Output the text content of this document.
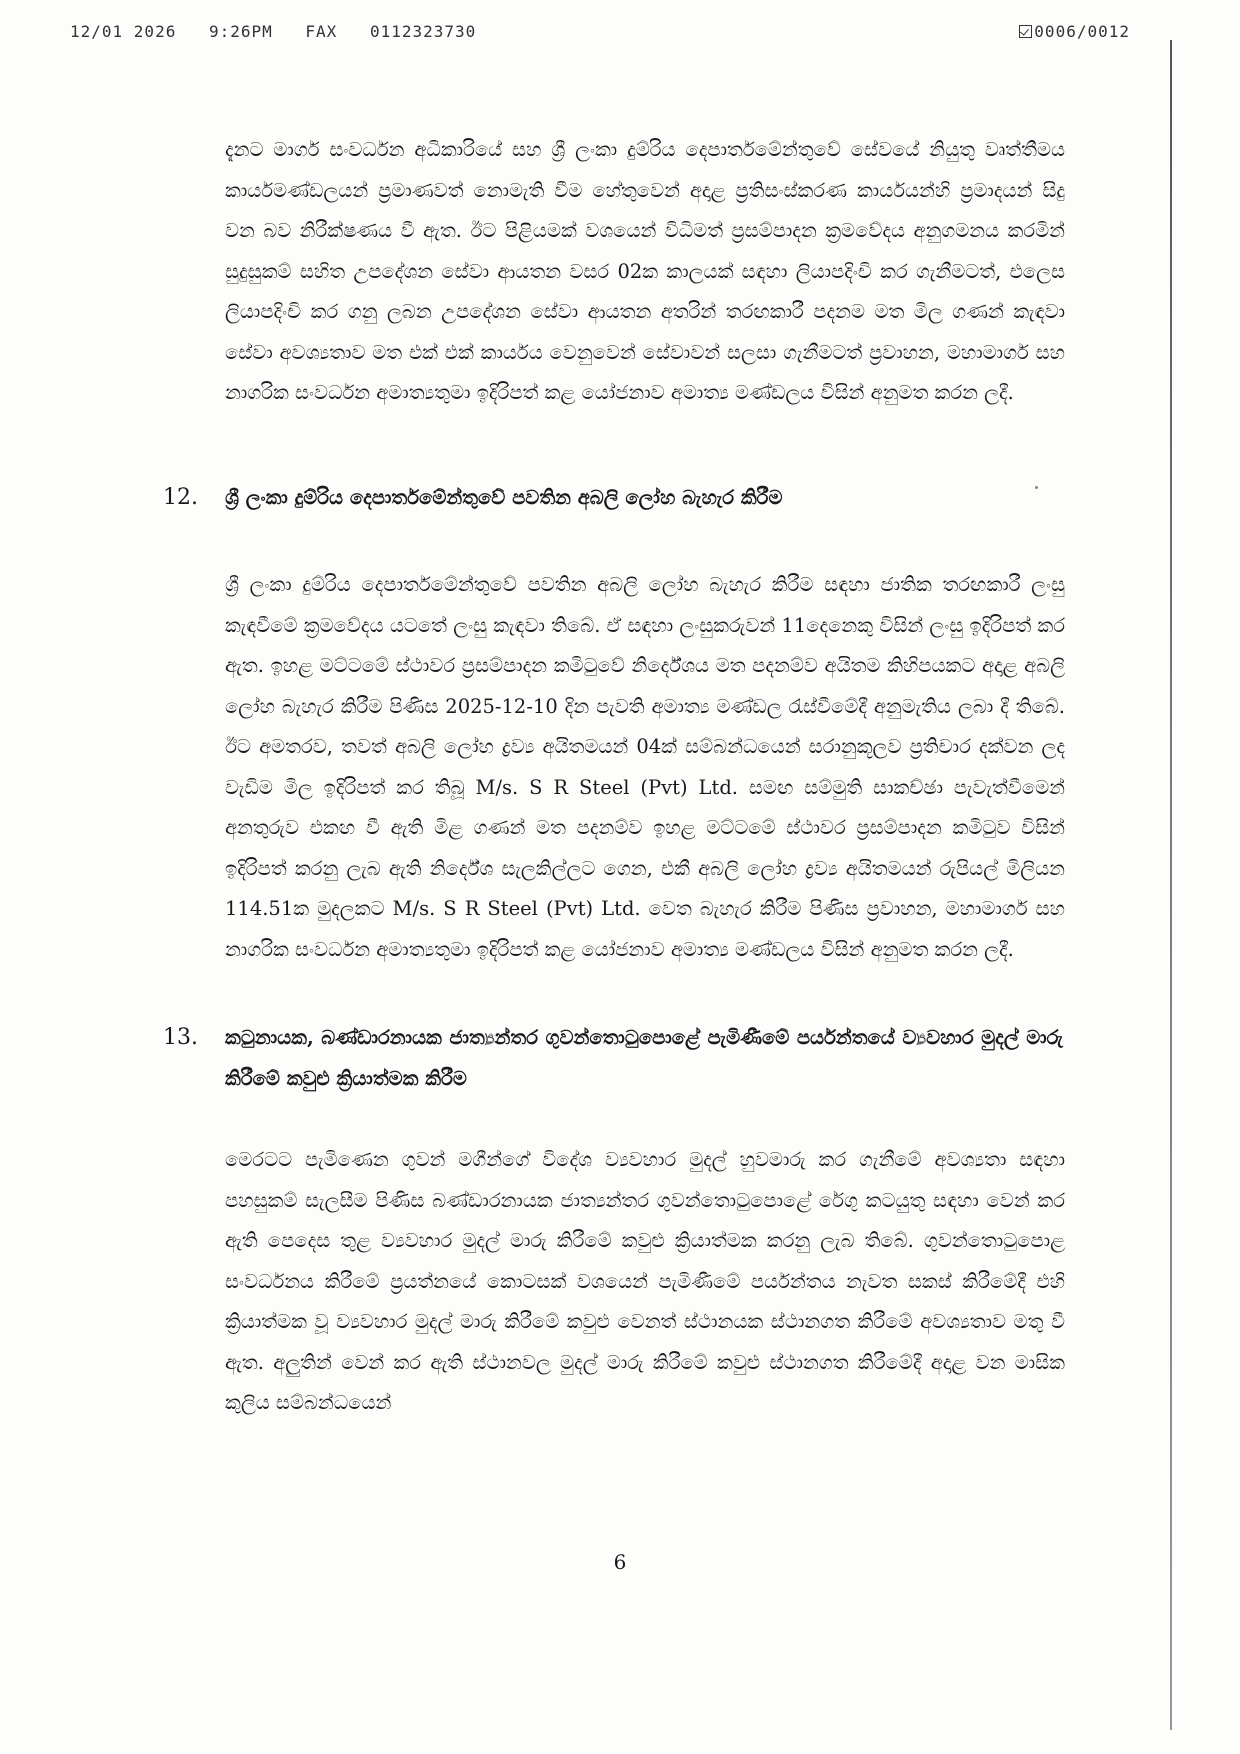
12/01 2026 9:26PM FAX 0112323730	0006/0012

දැනට මාර්ග සංවර්ධන අධිකාරියේ සහ ශ්‍රී ලංකා දුම්රිය දෙපාර්තමේන්තුවේ සේවයේ නියුතු වෘත්තීමය කාර්යමණ්ඩලයන් ප්‍රමාණවත් නොමැති වීම හේතුවෙන් අදාළ ප්‍රතිසංස්කරණ කාර්යයන්හි ප්‍රමාදයන් සිදු වන බව නිරීක්ෂණය වී ඇත. ඊට පිළියමක් වශයෙන් විධිමත් ප්‍රසම්පාදන ක්‍රමවේදය අනුගමනය කරමින් සුදුසුකම් සහිත උපදේශන සේවා ආයතන වසර 02ක කාලයක් සඳහා ලියාපදිංචි කර ගැනීමටත්, එලෙස ලියාපදිංචි කර ගනු ලබන උපදේශන සේවා ආයතන අතරින් තරඟකාරී පදනම මත මිල ගණන් කැඳවා සේවා අවශ්‍යතාව මත එක් එක් කාර්යය වෙනුවෙන් සේවාවන් සලසා ගැනීමටත් ප්‍රවාහන, මහාමාර්ග සහ නාගරික සංවර්ධන අමාත්‍යතුමා ඉදිරිපත් කළ යෝජනාව අමාත්‍ය මණ්ඩලය විසින් අනුමත කරන ලදී.

12.	ශ්‍රී ලංකා දුම්රිය දෙපාර්තමේන්තුවේ පවතින අබලි ලෝහ බැහැර කිරීම

ශ්‍රී ලංකා දුම්රිය දෙපාර්තමේන්තුවේ පවතින අබලි ලෝහ බැහැර කිරීම සඳහා ජාතික තරඟකාරී ලංසු කැඳවීමේ ක්‍රමවේදය යටතේ ලංසු කැඳවා තිබේ. ඒ සඳහා ලංසුකරුවන් 11දෙනෙකු විසින් ලංසු ඉදිරිපත් කර ඇත. ඉහළ මට්ටමේ ස්ථාවර ප්‍රසම්පාදන කමිටුවේ නිර්දේශය මත පදනම්ව අයිතම කිහිපයකට අදාළ අබලි ලෝහ බැහැර කිරීම පිණිස 2025-12-10 දින පැවති අමාත්‍ය මණ්ඩල රැස්වීමේදී අනුමැතිය ලබා දී තිබේ. ඊට අමතරව, තවත් අබලි ලෝහ ද්‍රව්‍ය අයිතමයන් 04ක් සම්බන්ධයෙන් සරානුකූලව ප්‍රතිචාර දක්වන ලද වැඩිම මිල ඉදිරිපත් කර තිබූ M/s. S R Steel (Pvt) Ltd. සමඟ සම්මුති සාකච්ඡා පැවැත්වීමෙන් අනතුරුව එකඟ වී ඇති මිළ ගණන් මත පදනම්ව ඉහළ මට්ටමේ ස්ථාවර ප්‍රසම්පාදන කමිටුව විසින් ඉදිරිපත් කරනු ලැබ ඇති නිර්දේශ සැලකිල්ලට ගෙන, එකී අබලි ලෝහ ද්‍රව්‍ය අයිතමයන් රුපියල් මිලියන 114.51ක මුදලකට M/s. S R Steel (Pvt) Ltd. වෙත බැහැර කිරීම පිණිස ප්‍රවාහන, මහාමාර්ග සහ නාගරික සංවර්ධන අමාත්‍යතුමා ඉදිරිපත් කළ යෝජනාව අමාත්‍ය මණ්ඩලය විසින් අනුමත කරන ලදී.

13.	කටුනායක, බණ්ඩාරනායක ජාත්‍යන්තර ගුවන්තොටුපොළේ පැමිණීමේ පර්යන්තයේ ව්‍යවහාර මුදල් මාරු කිරීමේ කවුළු ක්‍රියාත්මක කිරීම

මෙරටට පැමිණෙන ගුවන් මගීන්ගේ විදේශ ව්‍යවහාර මුදල් හුවමාරු කර ගැනීමේ අවශ්‍යතා සඳහා පහසුකම් සැලසීම පිණිස බණ්ඩාරනායක ජාත්‍යන්තර ගුවන්තොටුපොළේ රේගු කටයුතු සඳහා වෙන් කර ඇති පෙදෙස තුළ ව්‍යවහාර මුදල් මාරු කිරීමේ කවුළු ක්‍රියාත්මක කරනු ලැබ තිබේ. ගුවන්තොටුපොළ සංවර්ධනය කිරීමේ ප්‍රයත්නයේ කොටසක් වශයෙන් පැමිණීමේ පර්යන්තය නැවත සකස් කිරීමේදී එහි ක්‍රියාත්මක වූ ව්‍යවහාර මුදල් මාරු කිරීමේ කවුළු වෙනත් ස්ථානයක ස්ථානගත කිරීමේ අවශ්‍යතාව මතු වී ඇත. අලුතින් වෙන් කර ඇති ස්ථානවල මුදල් මාරු කිරීමේ කවුළු ස්ථානගත කිරීමේදී අදාළ වන මාසික කුලිය සම්බන්ධයෙන්

6
